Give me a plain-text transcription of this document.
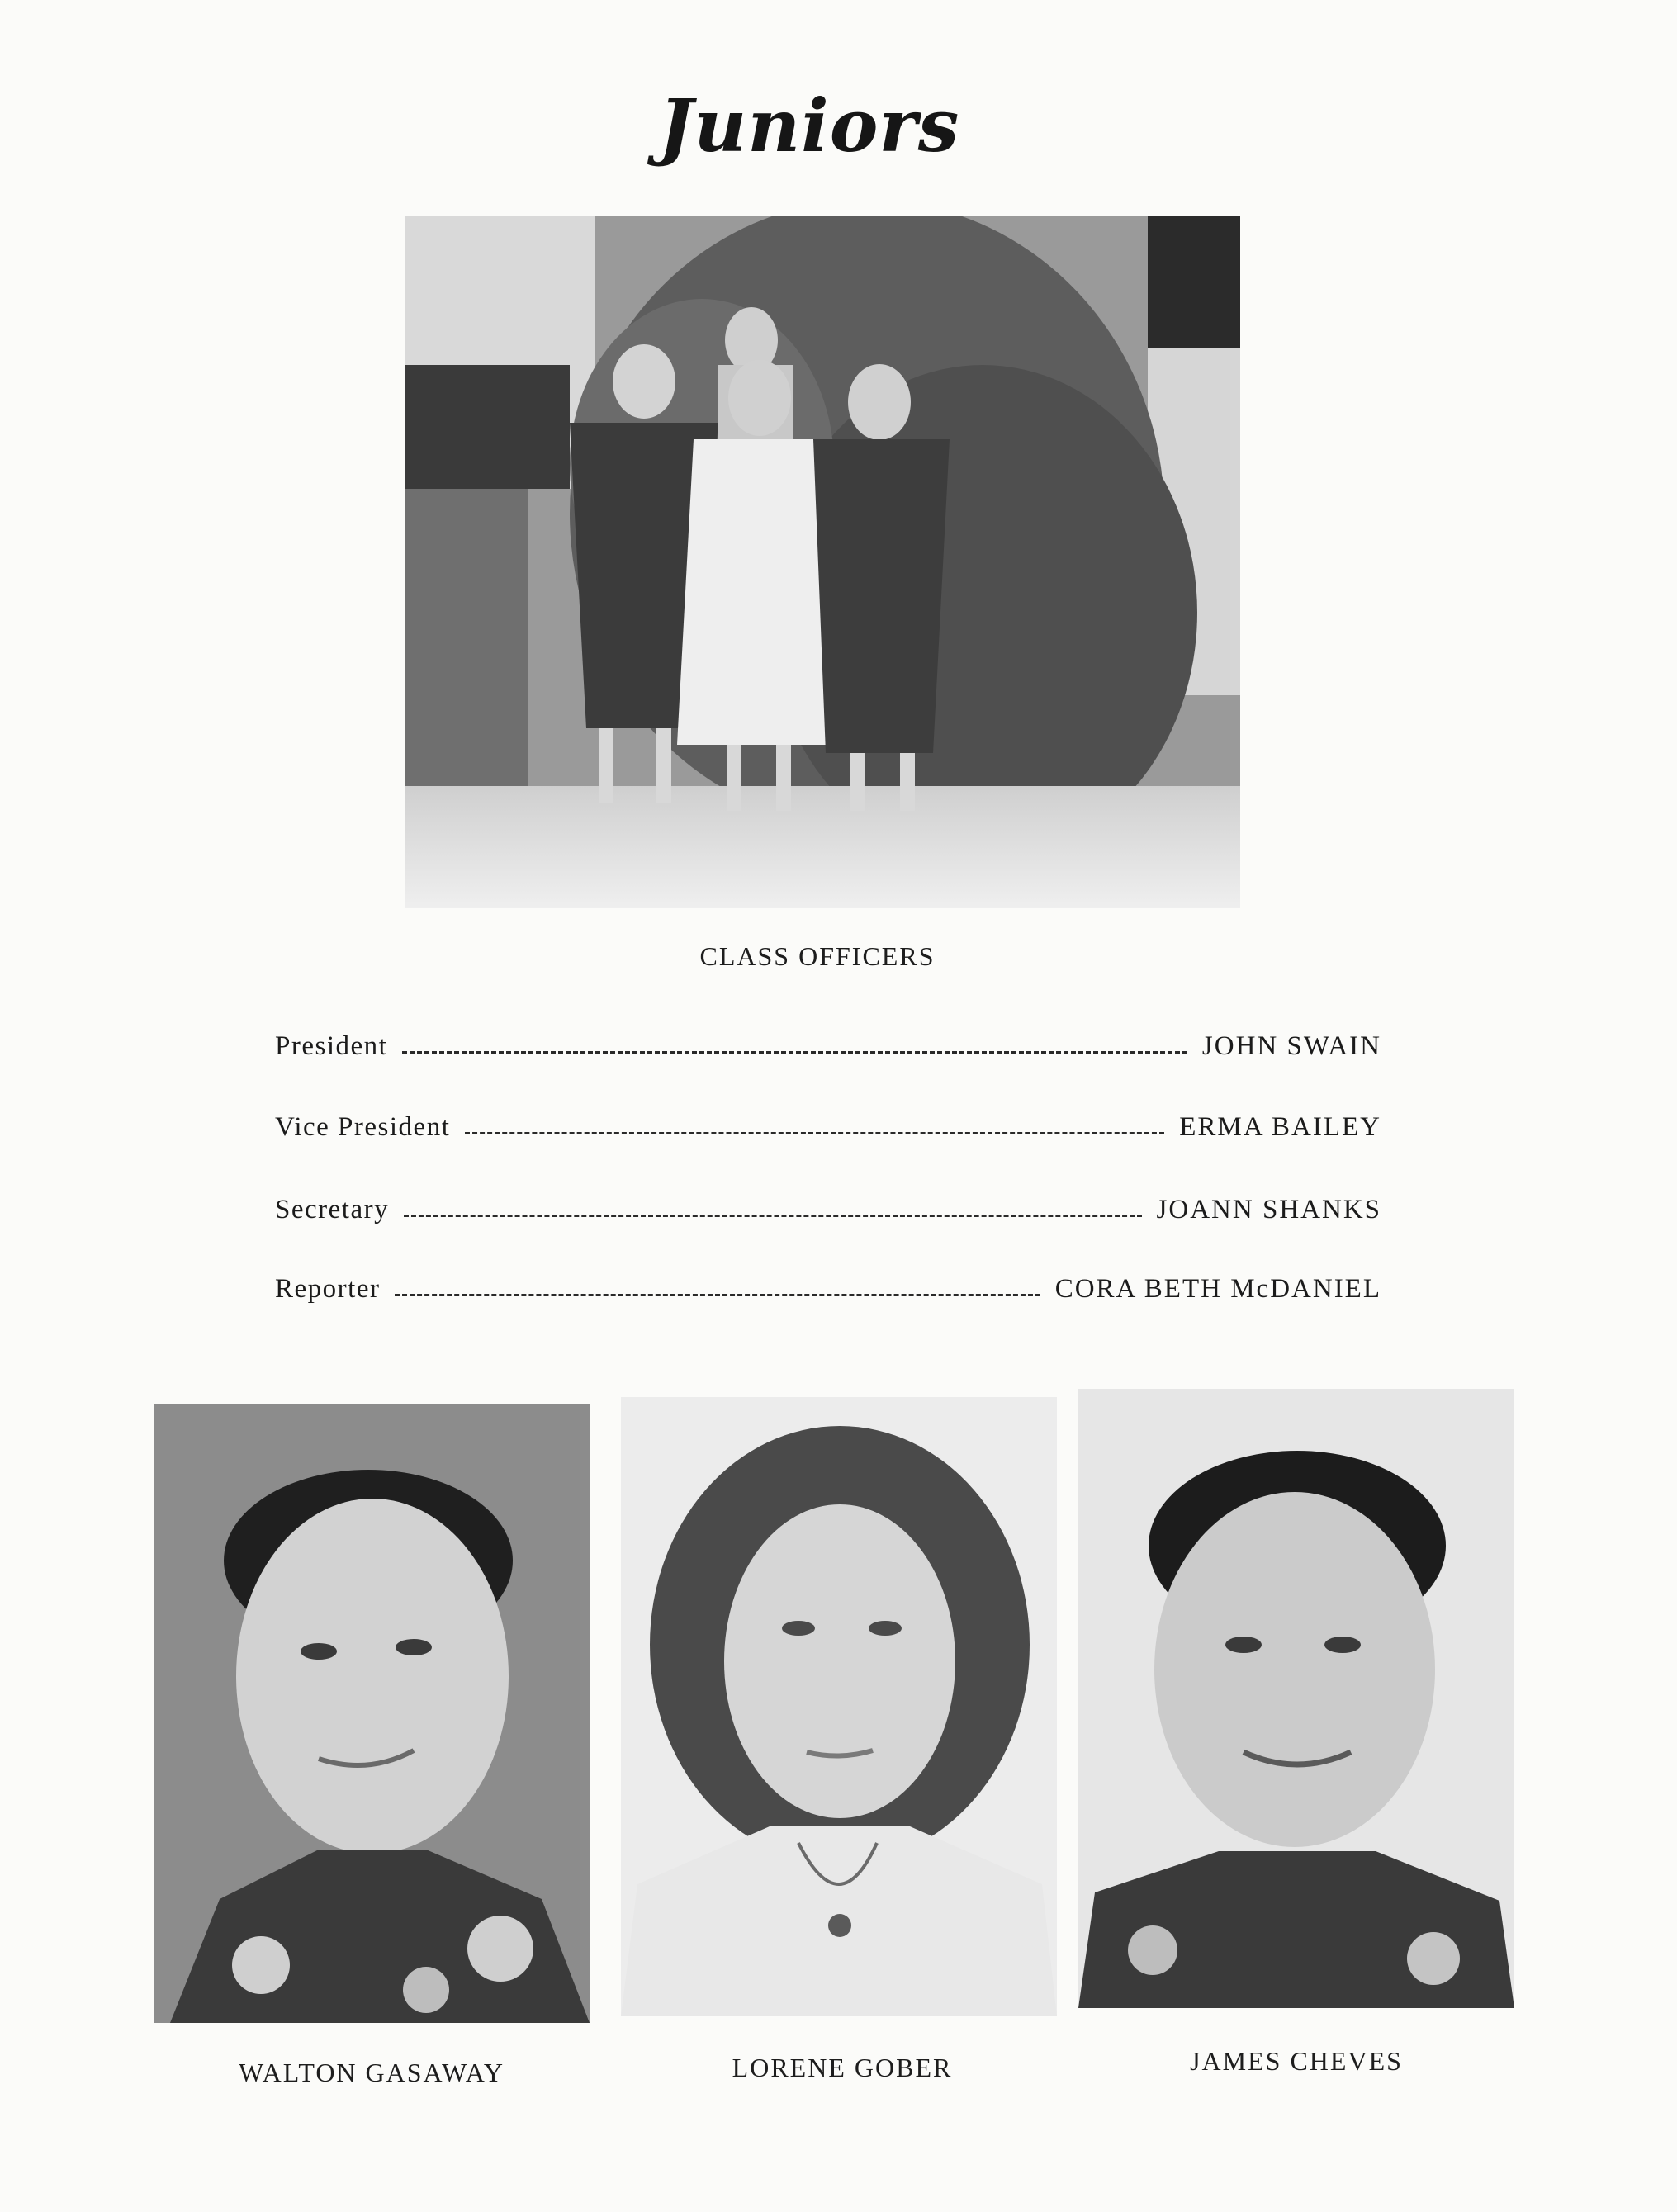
Juniors
CLASS OFFICERS
President	JOHN SWAIN
Vice President	ERMA BAILEY
Secretary	JOANN SHANKS
Reporter	CORA BETH McDANIEL
WALTON GASAWAY	LORENE GOBER	JAMES CHEVES
